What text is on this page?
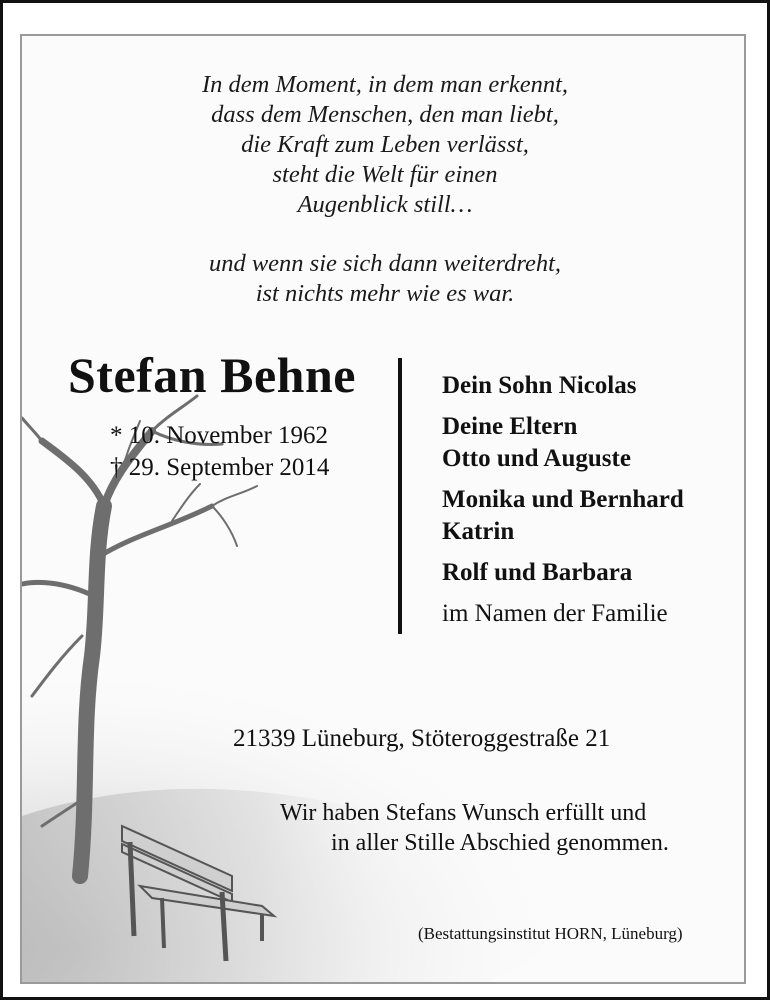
In dem Moment, in dem man erkennt,
dass dem Menschen, den man liebt,
die Kraft zum Leben verlässt,
steht die Welt für einen
Augenblick still…
und wenn sie sich dann weiterdreht,
ist nichts mehr wie es war.
Stefan Behne
* 10. November 1962
† 29. September 2014
Dein Sohn Nicolas
Deine Eltern
Otto und Auguste
Monika und Bernhard
Katrin
Rolf und Barbara
im Namen der Familie
21339 Lüneburg, Stöteroggestraße 21
Wir haben Stefans Wunsch erfüllt und
in aller Stille Abschied genommen.
(Bestattungsinstitut HORN, Lüneburg)
